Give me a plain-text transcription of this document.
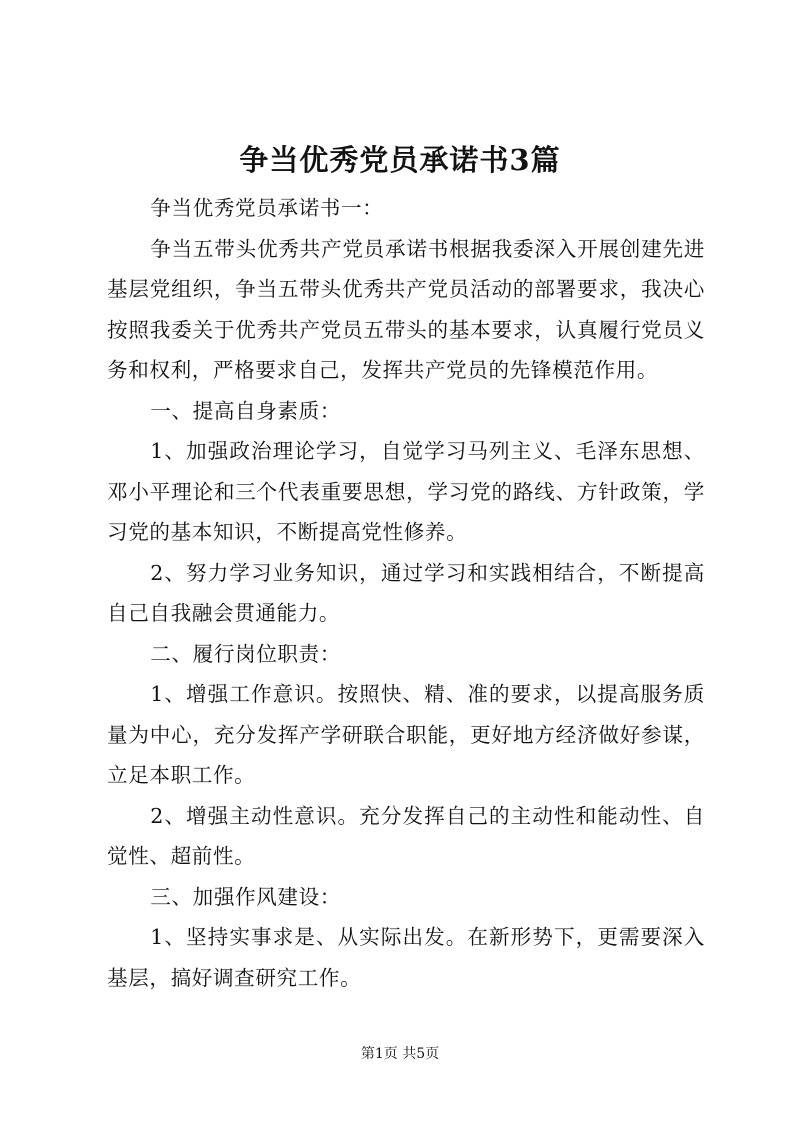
争当优秀党员承诺书3篇

争当优秀党员承诺书一：

争当五带头优秀共产党员承诺书根据我委深入开展创建先进基层党组织，争当五带头优秀共产党员活动的部署要求，我决心按照我委关于优秀共产党员五带头的基本要求，认真履行党员义务和权利，严格要求自己，发挥共产党员的先锋模范作用。

一、提高自身素质：

1、加强政治理论学习，自觉学习马列主义、毛泽东思想、邓小平理论和三个代表重要思想，学习党的路线、方针政策，学习党的基本知识，不断提高党性修养。

2、努力学习业务知识，通过学习和实践相结合，不断提高自己自我融会贯通能力。

二、履行岗位职责：

1、增强工作意识。按照快、精、准的要求，以提高服务质量为中心，充分发挥产学研联合职能，更好地方经济做好参谋，立足本职工作。

2、增强主动性意识。充分发挥自己的主动性和能动性、自觉性、超前性。

三、加强作风建设：

1、坚持实事求是、从实际出发。在新形势下，更需要深入基层，搞好调查研究工作。

第1页 共5页
